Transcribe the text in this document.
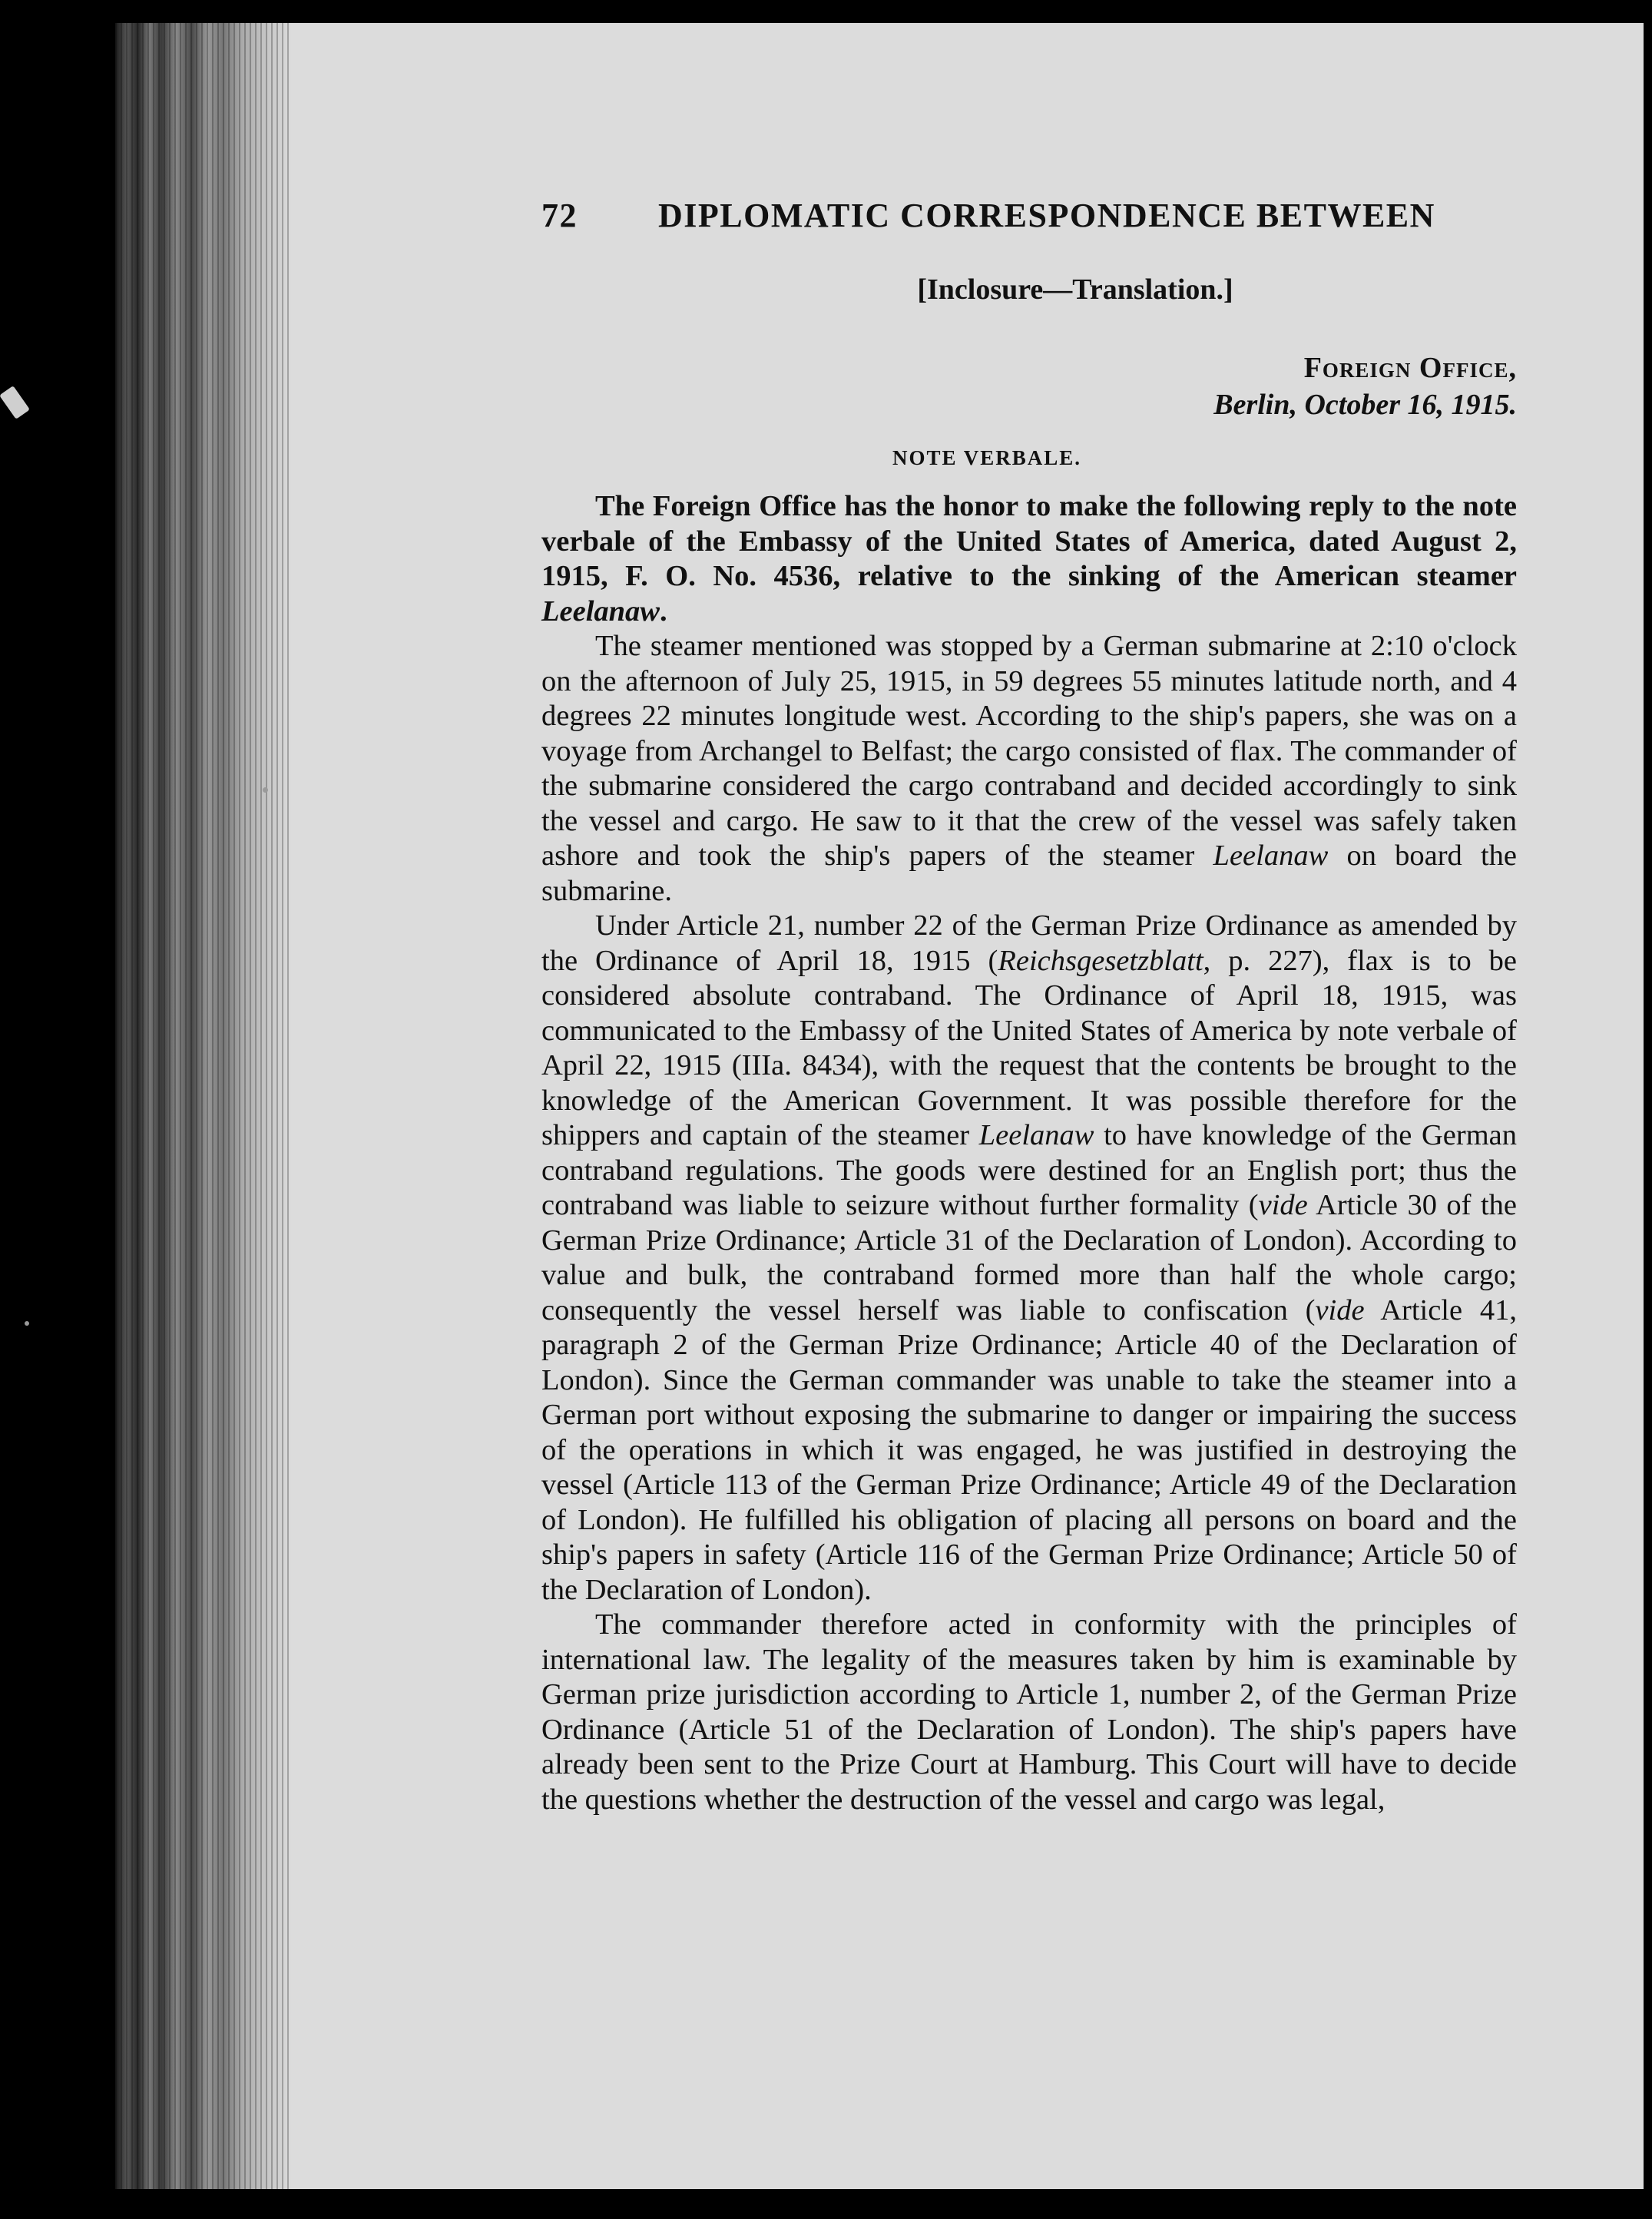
72	DIPLOMATIC CORRESPONDENCE BETWEEN
[Inclosure—Translation.]
Foreign Office,
Berlin, October 16, 1915.
NOTE VERBALE.

The Foreign Office has the honor to make the following reply to the note verbale of the Embassy of the United States of America, dated August 2, 1915, F. O. No. 4536, relative to the sinking of the American steamer Leelanaw.

The steamer mentioned was stopped by a German submarine at 2:10 o'clock on the afternoon of July 25, 1915, in 59 degrees 55 minutes latitude north, and 4 degrees 22 minutes longitude west. According to the ship's papers, she was on a voyage from Archangel to Belfast; the cargo consisted of flax. The commander of the submarine considered the cargo contraband and decided accordingly to sink the vessel and cargo. He saw to it that the crew of the vessel was safely taken ashore and took the ship's papers of the steamer Leelanaw on board the submarine.

Under Article 21, number 22 of the German Prize Ordinance as amended by the Ordinance of April 18, 1915 (Reichsgesetzblatt, p. 227), flax is to be considered absolute contraband. The Ordinance of April 18, 1915, was communicated to the Embassy of the United States of America by note verbale of April 22, 1915 (IIIa. 8434), with the request that the contents be brought to the knowledge of the American Government. It was possible therefore for the shippers and captain of the steamer Leelanaw to have knowledge of the German contraband regulations. The goods were destined for an English port; thus the contraband was liable to seizure without further formality (vide Article 30 of the German Prize Ordinance; Article 31 of the Declaration of London). According to value and bulk, the contraband formed more than half the whole cargo; consequently the vessel herself was liable to confiscation (vide Article 41, paragraph 2 of the German Prize Ordinance; Article 40 of the Declaration of London). Since the German commander was unable to take the steamer into a German port without exposing the submarine to danger or impairing the success of the operations in which it was engaged, he was justified in destroying the vessel (Article 113 of the German Prize Ordinance; Article 49 of the Declaration of London). He fulfilled his obligation of placing all persons on board and the ship's papers in safety (Article 116 of the German Prize Ordinance; Article 50 of the Declaration of London).

The commander therefore acted in conformity with the principles of international law. The legality of the measures taken by him is examinable by German prize jurisdiction according to Article 1, number 2, of the German Prize Ordinance (Article 51 of the Declaration of London). The ship's papers have already been sent to the Prize Court at Hamburg. This Court will have to decide the questions whether the destruction of the vessel and cargo was legal,
